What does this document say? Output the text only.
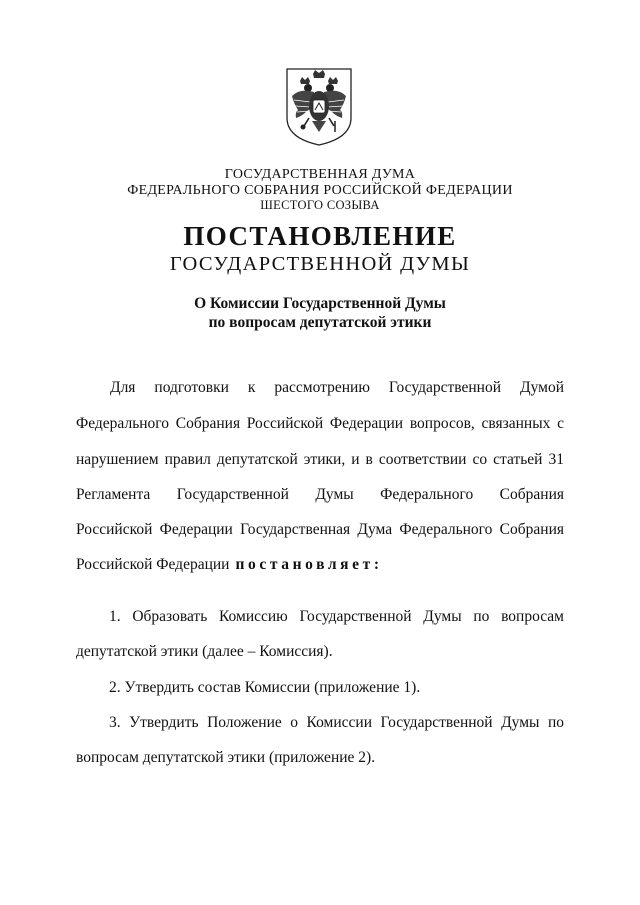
ГОСУДАРСТВЕННАЯ ДУМА
ФЕДЕРАЛЬНОГО СОБРАНИЯ РОССИЙСКОЙ ФЕДЕРАЦИИ
ШЕСТОГО СОЗЫВА
ПОСТАНОВЛЕНИЕ
ГОСУДАРСТВЕННОЙ ДУМЫ
О Комиссии Государственной Думы
по вопросам депутатской этики
Для подготовки к рассмотрению Государственной Думой
Федерального Собрания Российской Федерации вопросов, связанных с
нарушением правил депутатской этики, и в соответствии со статьей 31
Регламента Государственной Думы Федерального Собрания
Российской Федерации Государственная Дума Федерального Собрания
Российской Федерации постановляет:
1. Образовать Комиссию Государственной Думы по вопросам
депутатской этики (далее – Комиссия).
2. Утвердить состав Комиссии (приложение 1).
3. Утвердить Положение о Комиссии Государственной Думы по
вопросам депутатской этики (приложение 2).
